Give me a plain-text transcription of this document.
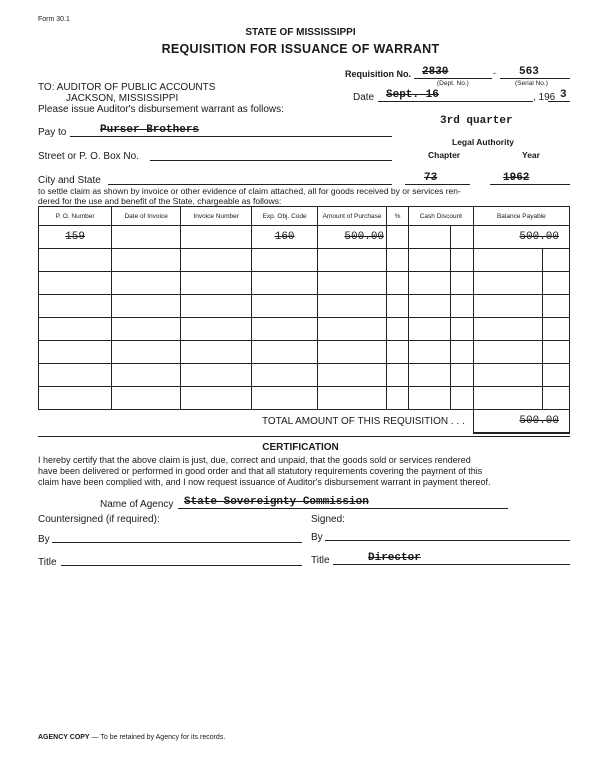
Form 30.1
STATE OF MISSISSIPPI
REQUISITION FOR ISSUANCE OF WARRANT
Requisition No. 2830	- 563
(Dept. No.)	(Serial No.)
TO: AUDITOR OF PUBLIC ACCOUNTS
JACKSON, MISSISSIPPI	Date Sept. 16	, 196 3
Please issue Auditor's disbursement warrant as follows:
3rd quarter
Legal Authority
Chapter	Year
Pay to	Purser Brothers
Street or P. O. Box No.
City and State	73	1962
to settle claim as shown by invoice or other evidence of claim attached, all for goods received by or services ren-
dered for the use and benefit of the State, chargeable as follows:
P. O. Number	Date of Invoice	Invoice Number	Exp. Obj. Code	Amount of Purchase	%	Cash Discount		Balance Payable	
159			160	500.00				500.00	

TOTAL AMOUNT OF THIS REQUISITION . . .								500.00	
CERTIFICATION
I hereby certify that the above claim is just, due, correct and unpaid, that the goods sold or services rendered
have been delivered or performed in good order and that all statutory requirements covering the payment of this
claim have been complied with, and I now request issuance of Auditor's disbursement warrant in payment thereof.
Name of Agency State Sovereignty Commission
Countersigned (if required):	Signed:
By	By
Title	Title	Director
AGENCY COPY — To be retained by Agency for its records.
